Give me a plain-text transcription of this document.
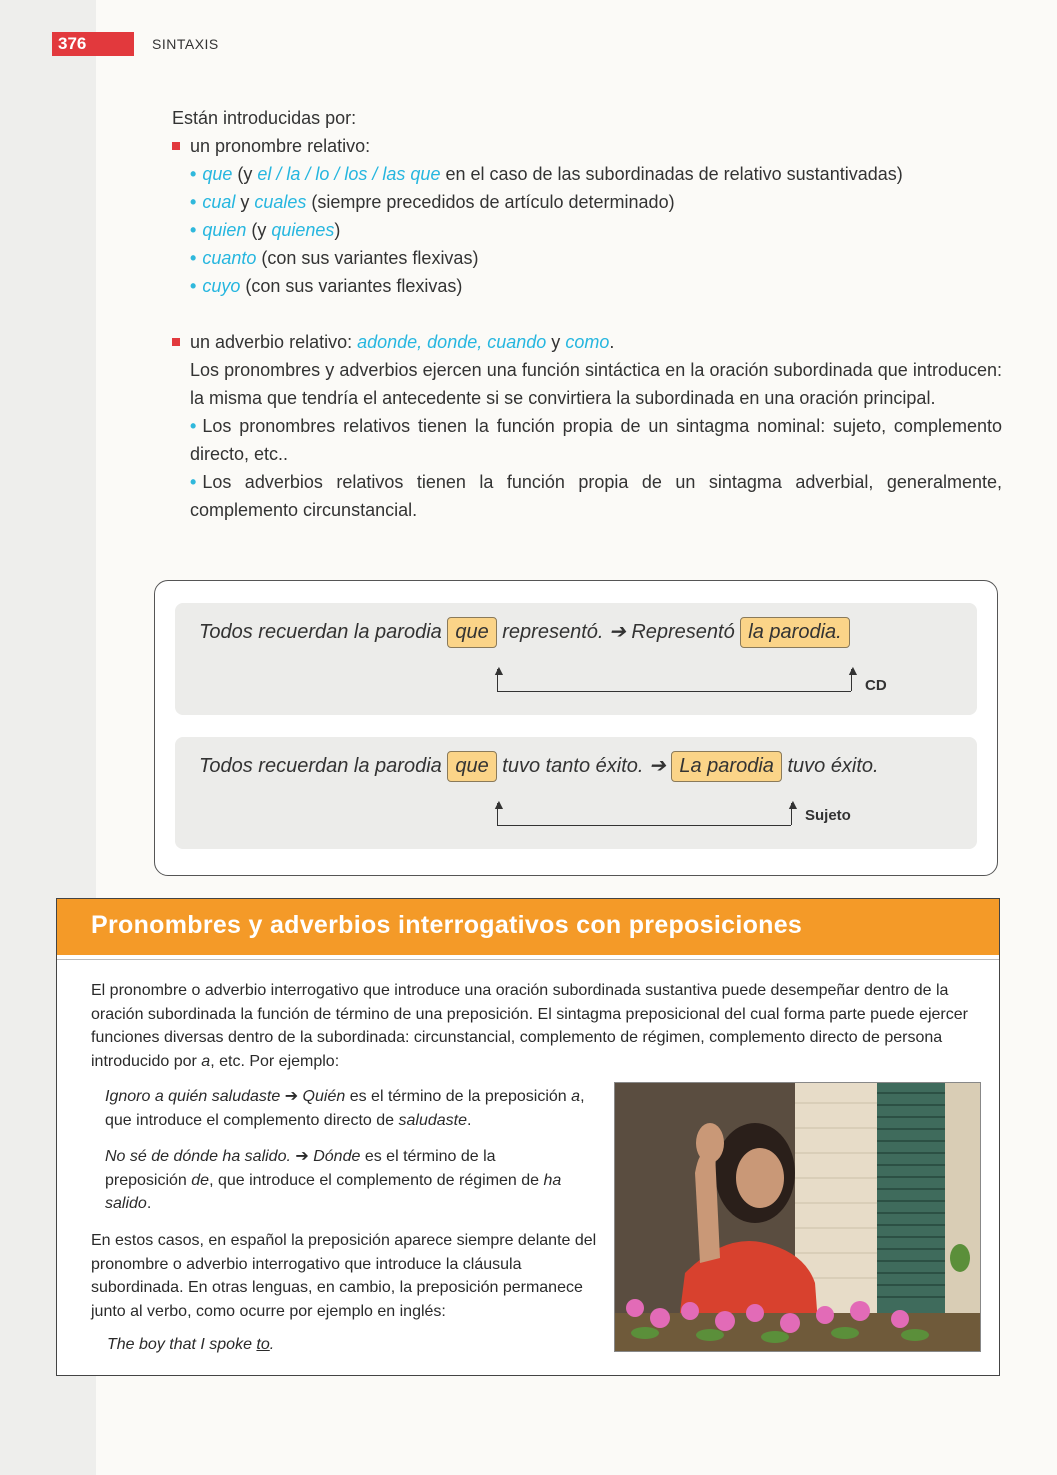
376	SINTAXIS

Están introducidas por:

un pronombre relativo:

• que (y el / la / lo / los / las que en el caso de las subordinadas de relativo sustantivadas)

• cual y cuales (siempre precedidos de artículo determinado)

• quien (y quienes)

• cuanto (con sus variantes flexivas)

• cuyo (con sus variantes flexivas)

un adverbio relativo: adonde, donde, cuando y como.

Los pronombres y adverbios ejercen una función sintáctica en la oración subordinada que introducen: la misma que tendría el antecedente si se convirtiera la subordinada en una oración principal.

• Los pronombres relativos tienen la función propia de un sintagma nominal: sujeto, complemento directo, etc..

• Los adverbios relativos tienen la función propia de un sintagma adverbial, generalmente, complemento circunstancial.

Todos recuerdan la parodia que representó. ➔ Representó la parodia.
▲	▲
CD
Todos recuerdan la parodia que tuvo tanto éxito. ➔ La parodia tuvo éxito.
▲	▲
Sujeto
Pronombres y adverbios interrogativos con preposiciones

El pronombre o adverbio interrogativo que introduce una oración subordinada sustantiva puede desempeñar dentro de la oración subordinada la función de término de una preposición. El sintagma preposicional del cual forma parte puede ejercer funciones diversas dentro de la subordinada: circunstancial, complemento de régimen, complemento directo de persona introducido por a, etc. Por ejemplo:

Ignoro a quién saludaste ➔ Quién es el término de la preposición a, que introduce el complemento directo de saludaste.

No sé de dónde ha salido. ➔ Dónde es el término de la preposición de, que introduce el complemento de régimen de ha salido.

En estos casos, en español la preposición aparece siempre delante del pronombre o adverbio interrogativo que introduce la cláusula subordinada. En otras lenguas, en cambio, la preposición permanece junto al verbo, como ocurre por ejemplo en inglés:

The boy that I spoke to.
